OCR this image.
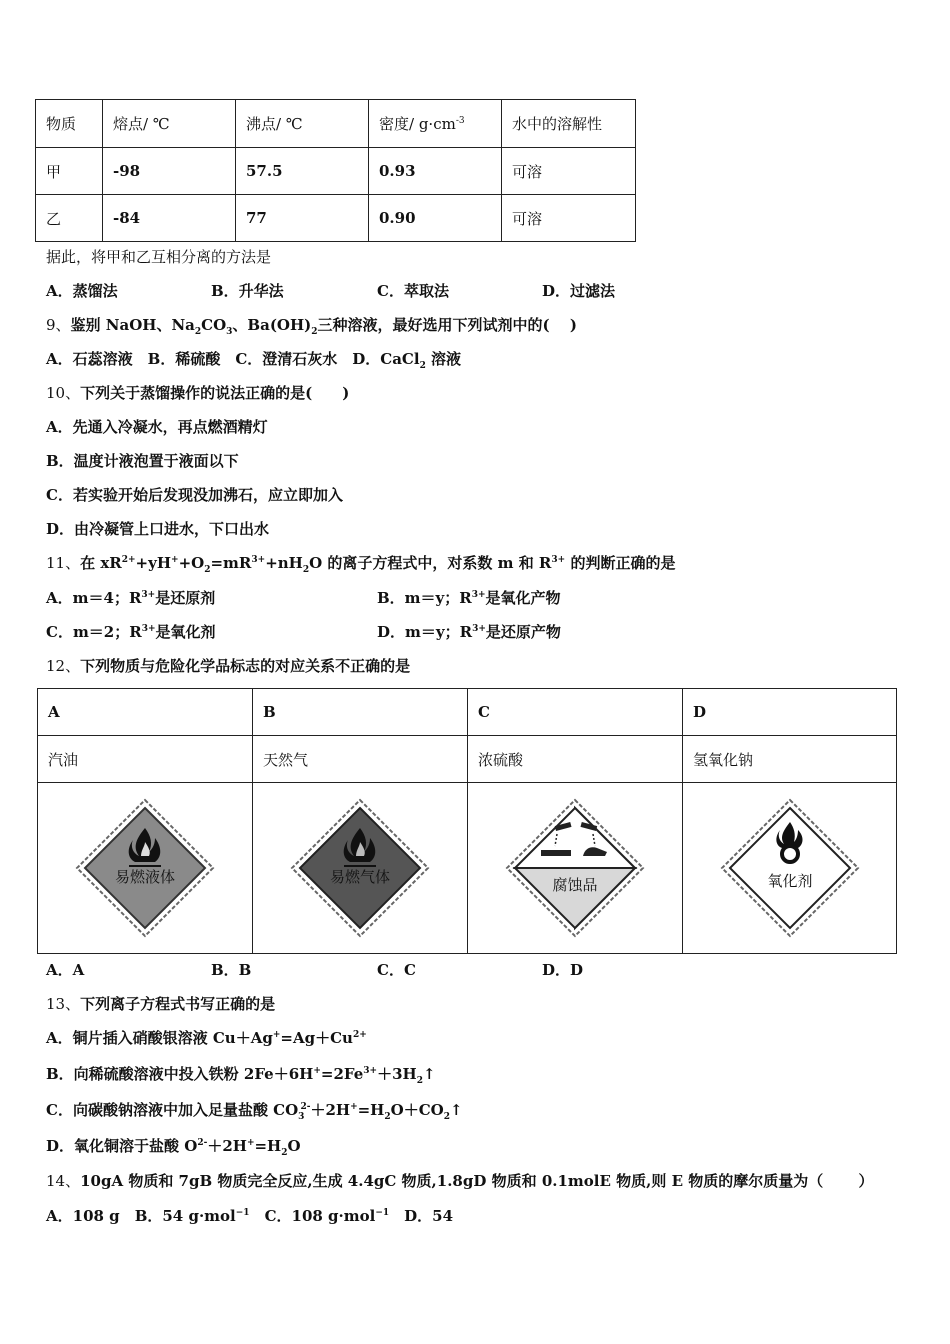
物质	熔点/ ℃	沸点/ ℃	密度/ $g\cdot cm^{-3}$	水中的溶解性
甲	-98	57.5	0.93	可溶
乙	-84	77	0.90	可溶
据此，将甲和乙互相分离的方法是
A．蒸馏法	B．升华法	C．萃取法	D．过滤法
9、鉴别 NaOH、$Na_2CO_3$、$Ba(OH)_2$三种溶液，最好选用下列试剂中的(　 )
A．石蕊溶液　B．稀硫酸　C．澄清石灰水　D．CaCl$_2$ 溶液
10、下列关于蒸馏操作的说法正确的是(　　)
A．先通入冷凝水，再点燃酒精灯
B．温度计液泡置于液面以下
C．若实验开始后发现没加沸石，应立即加入
D．由冷凝管上口进水，下口出水
11、在 $xR^{2+}+yH^++O_2=mR^{3+}+nH_2O$ 的离子方程式中，对系数 m 和 $R^{3+}$ 的判断正确的是
A．m＝4；$R^{3+}$是还原剂	B．m＝y；$R^{3+}$是氧化产物
C．m＝2；$R^{3+}$是氧化剂	D．m＝y；$R^{3+}$是还原产物
12、下列物质与危险化学品标志的对应关系不正确的是
A	B	C	D
汽油	天然气	浓硫酸	氢氧化钠

易燃液体	易燃气体	腐蚀品	氧化剂
A．A	B．B	C．C	D．D
13、下列离子方程式书写正确的是
A．铜片插入硝酸银溶液 $Cu+Ag^+=Ag+Cu^{2+}$
B．向稀硫酸溶液中投入铁粉 $2Fe+6H^+=2Fe^{3+}+3H_2↑$
C．向碳酸钠溶液中加入足量盐酸 $CO_3^{2-}+2H^+=H_2O+CO_2↑$
D．氧化铜溶于盐酸 $O^{2-}+2H^+=H_2O$
14、10gA 物质和 7gB 物质完全反应,生成 4.4gC 物质,1.8gD 物质和 0.1molE 物质,则 E 物质的摩尔质量为（　　 ）
A．108 g　 B．54 g·mol$^{-1}$　 C．108 g·mol$^{-1}$　 D．54
